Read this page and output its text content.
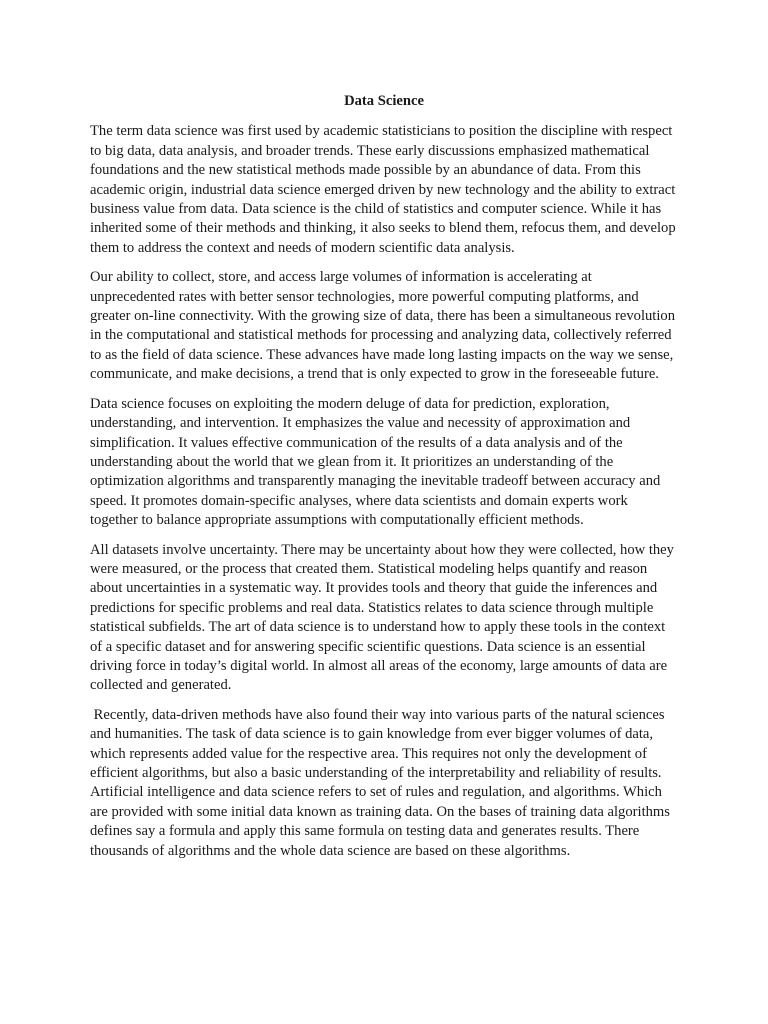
Data Science

The term data science was first used by academic statisticians to position the discipline with respect to big data, data analysis, and broader trends. These early discussions emphasized mathematical foundations and the new statistical methods made possible by an abundance of data. From this academic origin, industrial data science emerged driven by new technology and the ability to extract business value from data. Data science is the child of statistics and computer science. While it has inherited some of their methods and thinking, it also seeks to blend them, refocus them, and develop them to address the context and needs of modern scientific data analysis.

Our ability to collect, store, and access large volumes of information is accelerating at unprecedented rates with better sensor technologies, more powerful computing platforms, and greater on-line connectivity. With the growing size of data, there has been a simultaneous revolution in the computational and statistical methods for processing and analyzing data, collectively referred to as the field of data science. These advances have made long lasting impacts on the way we sense, communicate, and make decisions, a trend that is only expected to grow in the foreseeable future.

Data science focuses on exploiting the modern deluge of data for prediction, exploration, understanding, and intervention. It emphasizes the value and necessity of approximation and simplification. It values effective communication of the results of a data analysis and of the understanding about the world that we glean from it. It prioritizes an understanding of the optimization algorithms and transparently managing the inevitable tradeoff between accuracy and speed. It promotes domain-specific analyses, where data scientists and domain experts work together to balance appropriate assumptions with computationally efficient methods.

All datasets involve uncertainty. There may be uncertainty about how they were collected, how they were measured, or the process that created them. Statistical modeling helps quantify and reason about uncertainties in a systematic way. It provides tools and theory that guide the inferences and predictions for specific problems and real data. Statistics relates to data science through multiple statistical subfields. The art of data science is to understand how to apply these tools in the context of a specific dataset and for answering specific scientific questions. Data science is an essential driving force in today’s digital world. In almost all areas of the economy, large amounts of data are collected and generated.

Recently, data-driven methods have also found their way into various parts of the natural sciences and humanities. The task of data science is to gain knowledge from ever bigger volumes of data, which represents added value for the respective area. This requires not only the development of efficient algorithms, but also a basic understanding of the interpretability and reliability of results. Artificial intelligence and data science refers to set of rules and regulation, and algorithms. Which are provided with some initial data known as training data. On the bases of training data algorithms defines say a formula and apply this same formula on testing data and generates results. There thousands of algorithms and the whole data science are based on these algorithms.
